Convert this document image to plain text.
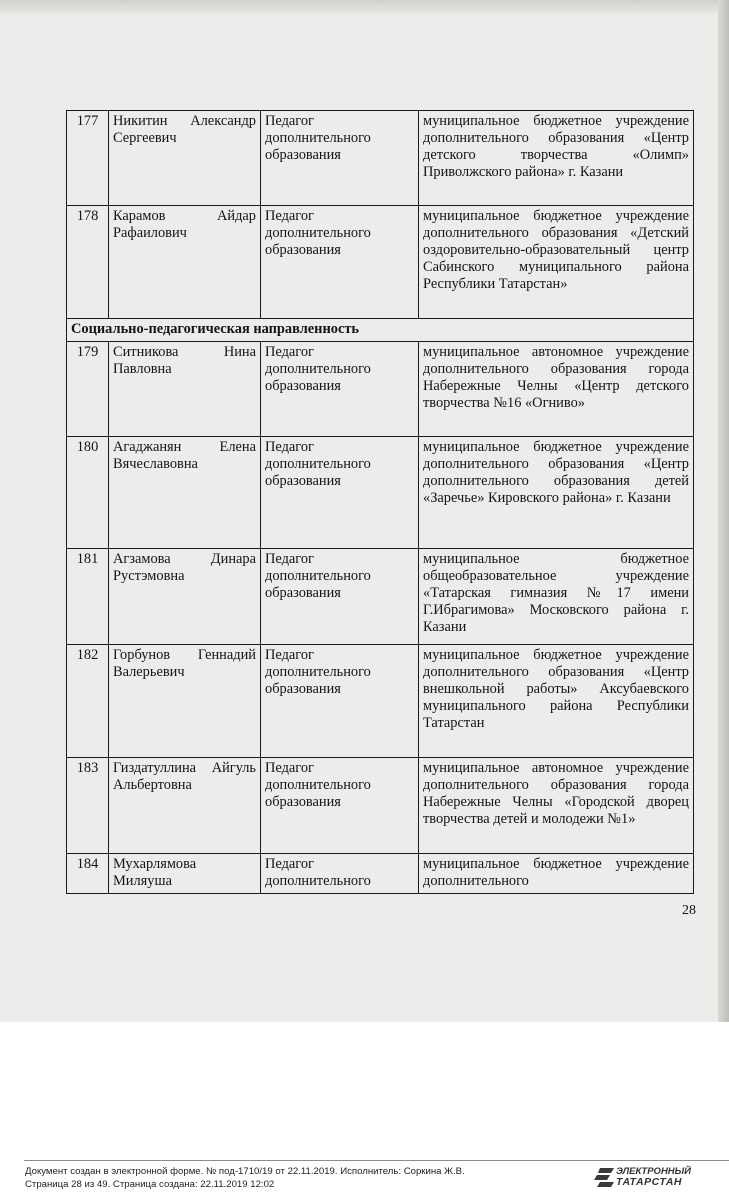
177	Никитин Александр Сергеевич	Педагог дополнительного образования	муниципальное бюджетное учреждение дополнительного образования «Центр детского творчества «Олимп» Приволжского района» г. Казани
178	Карамов Айдар Рафаилович	Педагог дополнительного образования	муниципальное бюджетное учреждение дополнительного образования «Детский оздоровительно-образовательный центр Сабинского муниципального района Республики Татарстан»
Социально-педагогическая направленность			
179	Ситникова Нина Павловна	Педагог дополнительного образования	муниципальное автономное учреждение дополнительного образования города Набережные Челны «Центр детского творчества №16 «Огниво»
180	Агаджанян Елена Вячеславовна	Педагог дополнительного образования	муниципальное бюджетное учреждение дополнительного образования «Центр дополнительного образования детей «Заречье» Кировского района» г. Казани
181	Агзамова Динара Рустэмовна	Педагог дополнительного образования	муниципальное бюджетное общеобразовательное учреждение «Татарская гимназия №17 имени Г.Ибрагимова» Московского района г. Казани
182	Горбунов Геннадий Валерьевич	Педагог дополнительного образования	муниципальное бюджетное учреждение дополнительного образования «Центр внешкольной работы» Аксубаевского муниципального района Республики Татарстан
183	Гиздатуллина Айгуль Альбертовна	Педагог дополнительного образования	муниципальное автономное учреждение дополнительного образования города Набережные Челны «Городской дворец творчества детей и молодежи №1»
184	Мухарлямова Миляуша	Педагог дополнительного	муниципальное бюджетное учреждение дополнительного
28
Документ создан в электронной форме. № под-1710/19 от 22.11.2019. Исполнитель: Соркина Ж.В.
Страница 28 из 49. Страница создана: 22.11.2019 12:02
ЭЛЕКТРОННЫЙ
ТАТАРСТАН
